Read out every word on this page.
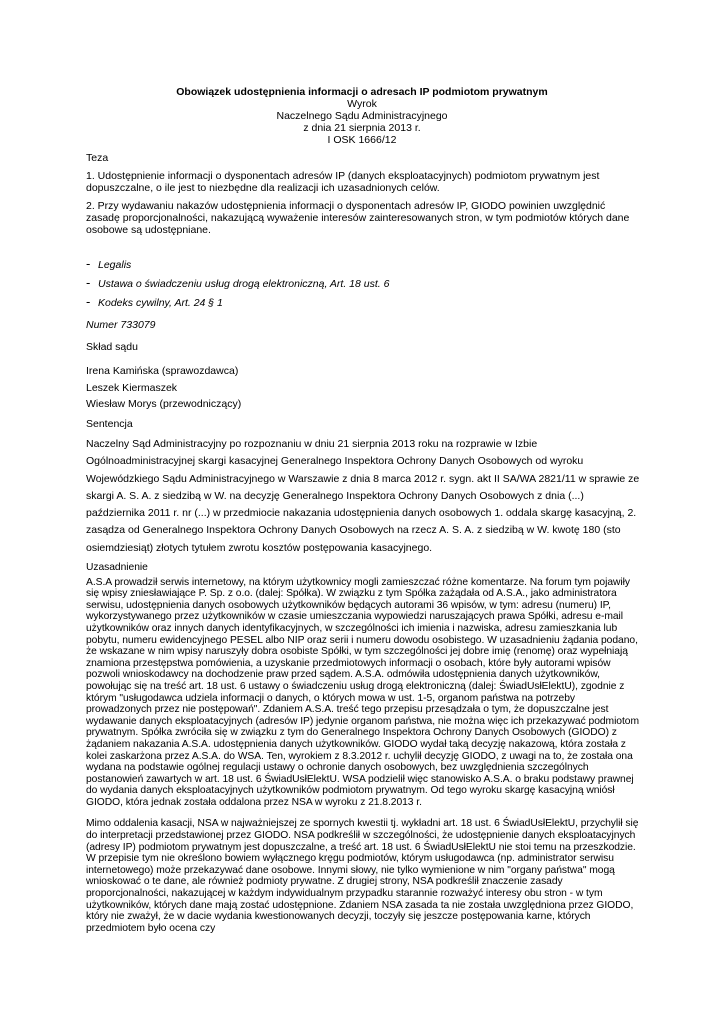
Obowiązek udostępnienia informacji o adresach IP podmiotom prywatnym
Wyrok
Naczelnego Sądu Administracyjnego
z dnia 21 sierpnia 2013 r.
I OSK 1666/12

Teza

1. Udostępnienie informacji o dysponentach adresów IP (danych eksploatacyjnych) podmiotom prywatnym jest dopuszczalne, o ile jest to niezbędne dla realizacji ich uzasadnionych celów.

2. Przy wydawaniu nakazów udostępnienia informacji o dysponentach adresów IP, GIODO powinien uwzględnić zasadę proporcjonalności, nakazującą wyważenie interesów zainteresowanych stron, w tym podmiotów których dane osobowe są udostępniane.

- Legalis
- Ustawa o świadczeniu usług drogą elektroniczną, Art. 18 ust. 6
- Kodeks cywilny, Art. 24 § 1
Numer 733079

Skład sądu

Irena Kamińska (sprawozdawca)

Leszek Kiermaszek

Wiesław Morys (przewodniczący)

Sentencja

Naczelny Sąd Administracyjny po rozpoznaniu w dniu 21 sierpnia 2013 roku na rozprawie w Izbie Ogólnoadministracyjnej skargi kasacyjnej Generalnego Inspektora Ochrony Danych Osobowych od wyroku Wojewódzkiego Sądu Administracyjnego w Warszawie z dnia 8 marca 2012 r. sygn. akt II SA/WA 2821/11 w sprawie ze skargi A. S. A. z siedzibą w W. na decyzję Generalnego Inspektora Ochrony Danych Osobowych z dnia (...) października 2011 r. nr (...) w przedmiocie nakazania udostępnienia danych osobowych 1. oddala skargę kasacyjną, 2. zasądza od Generalnego Inspektora Ochrony Danych Osobowych na rzecz A. S. A. z siedzibą w W. kwotę 180 (sto osiemdziesiąt) złotych tytułem zwrotu kosztów postępowania kasacyjnego.

Uzasadnienie

A.S.A prowadził serwis internetowy, na którym użytkownicy mogli zamieszczać różne komentarze. Na forum tym pojawiły się wpisy zniesławiające P. Sp. z o.o. (dalej: Spółka). W związku z tym Spółka zażądała od A.S.A., jako administratora serwisu, udostępnienia danych osobowych użytkowników będących autorami 36 wpisów, w tym: adresu (numeru) IP, wykorzystywanego przez użytkowników w czasie umieszczania wypowiedzi naruszających prawa Spółki, adresu e-mail użytkowników oraz innych danych identyfikacyjnych, w szczególności ich imienia i nazwiska, adresu zamieszkania lub pobytu, numeru ewidencyjnego PESEL albo NIP oraz serii i numeru dowodu osobistego. W uzasadnieniu żądania podano, że wskazane w nim wpisy naruszyły dobra osobiste Spółki, w tym szczególności jej dobre imię (renomę) oraz wypełniają znamiona przestępstwa pomówienia, a uzyskanie przedmiotowych informacji o osobach, które były autorami wpisów pozwoli wnioskodawcy na dochodzenie praw przed sądem. A.S.A. odmówiła udostępnienia danych użytkowników, powołując się na treść art. 18 ust. 6 ustawy o świadczeniu usług drogą elektroniczną (dalej: ŚwiadUsłElektU), zgodnie z którym "usługodawca udziela informacji o danych, o których mowa w ust. 1-5, organom państwa na potrzeby prowadzonych przez nie postępowań". Zdaniem A.S.A. treść tego przepisu przesądzała o tym, że dopuszczalne jest wydawanie danych eksploatacyjnych (adresów IP) jedynie organom państwa, nie można więc ich przekazywać podmiotom prywatnym. Spółka zwróciła się w związku z tym do Generalnego Inspektora Ochrony Danych Osobowych (GIODO) z żądaniem nakazania A.S.A. udostępnienia danych użytkowników. GIODO wydał taką decyzję nakazową, która została z kolei zaskarżona przez A.S.A. do WSA. Ten, wyrokiem z 8.3.2012 r. uchylił decyzję GIODO, z uwagi na to, że została ona wydana na podstawie ogólnej regulacji ustawy o ochronie danych osobowych, bez uwzględnienia szczególnych postanowień zawartych w art. 18 ust. 6 ŚwiadUsłElektU. WSA podzielił więc stanowisko A.S.A. o braku podstawy prawnej do wydania danych eksploatacyjnych użytkowników podmiotom prywatnym. Od tego wyroku skargę kasacyjną wniósł GIODO, która jednak została oddalona przez NSA w wyroku z 21.8.2013 r.

Mimo oddalenia kasacji, NSA w najważniejszej ze spornych kwestii tj. wykładni art. 18 ust. 6 ŚwiadUsłElektU, przychylił się do interpretacji przedstawionej przez GIODO. NSA podkreślił w szczególności, że udostępnienie danych eksploatacyjnych (adresy IP) podmiotom prywatnym jest dopuszczalne, a treść art. 18 ust. 6 ŚwiadUsłElektU nie stoi temu na przeszkodzie. W przepisie tym nie określono bowiem wyłącznego kręgu podmiotów, którym usługodawca (np. administrator serwisu internetowego) może przekazywać dane osobowe. Innymi słowy, nie tylko wymienione w nim "organy państwa" mogą wnioskować o te dane, ale również podmioty prywatne. Z drugiej strony, NSA podkreślił znaczenie zasady proporcjonalności, nakazującej w każdym indywidualnym przypadku starannie rozważyć interesy obu stron - w tym użytkowników, których dane mają zostać udostępnione. Zdaniem NSA zasada ta nie została uwzględniona przez GIODO, który nie zważył, że w dacie wydania kwestionowanych decyzji, toczyły się jeszcze postępowania karne, których przedmiotem było ocena czy
